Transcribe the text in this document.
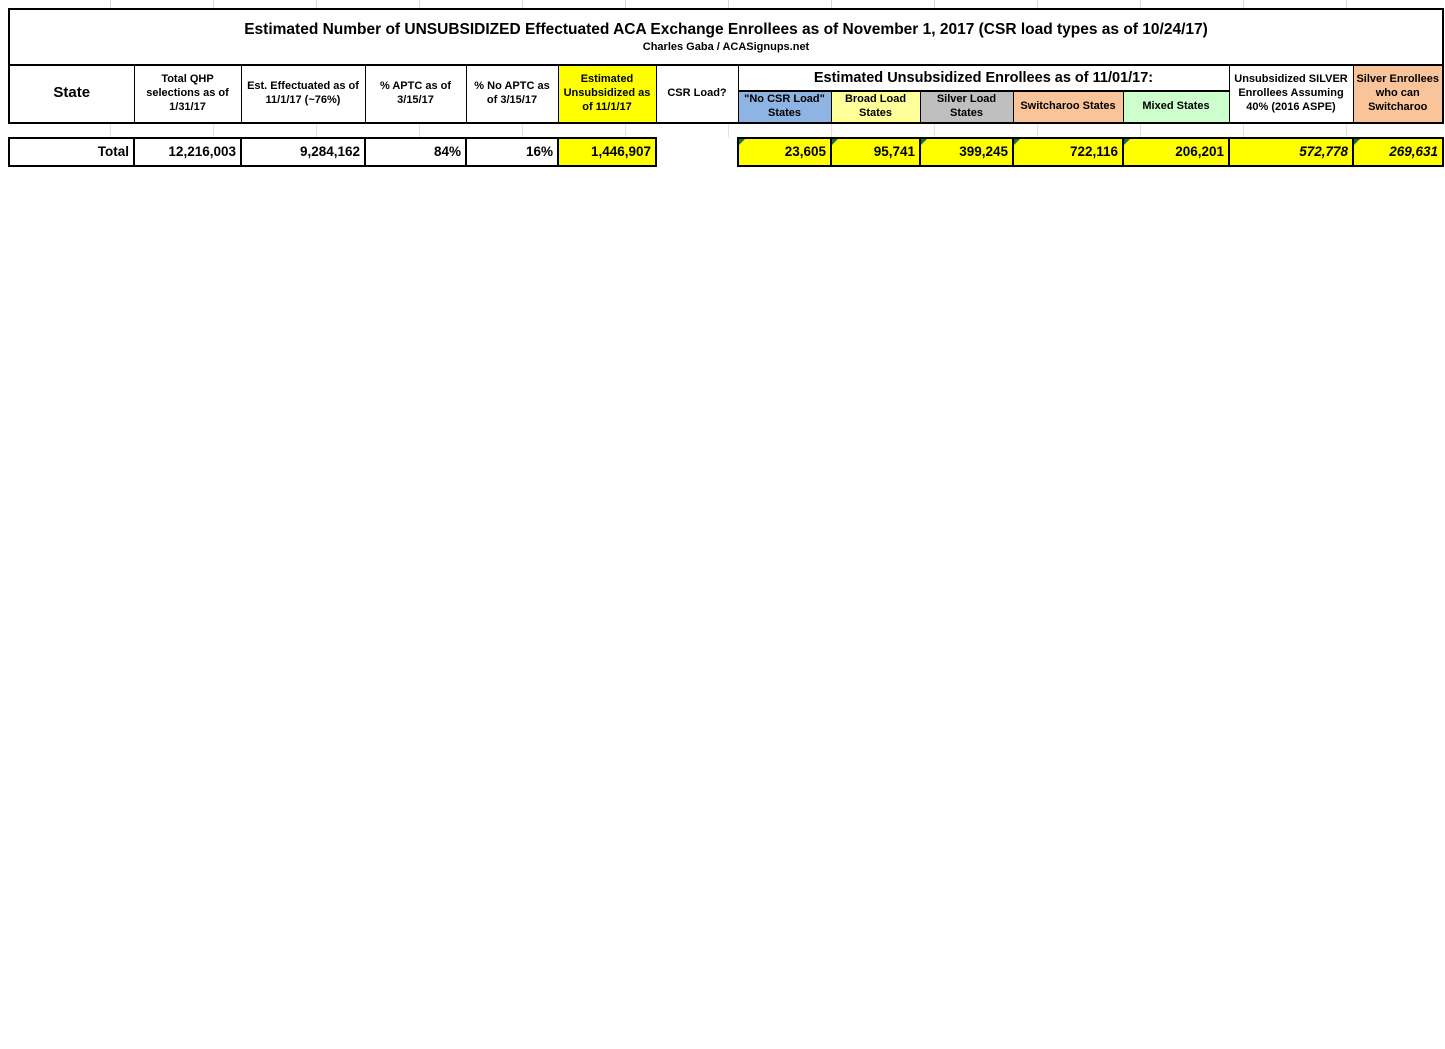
Estimated Number of UNSUBSIDIZED Effectuated ACA Exchange Enrollees as of November 1, 2017 (CSR load types as of 10/24/17)
Charles Gaba / ACASignups.net													

State	Total QHP selections as of 1/31/17	Est. Effectuated as of 11/1/17 (~76%)	% APTC as of 3/15/17	% No APTC as of 3/15/17	Estimated Unsubsidized as of 11/1/17	CSR Load?	Estimated Unsubsidized Enrollees as of 11/01/17:					Unsubsidized SILVER Enrollees Assuming 40% (2016 ASPE)	Silver Enrollees who can Switcharoo
							"No CSR Load" States	Broad Load States	Silver Load States	Switcharoo States	Mixed States		
Total	12,216,003	9,284,162	84%	16%	1,446,907		23,605	95,741	399,245	722,116	206,201	572,778	269,631
